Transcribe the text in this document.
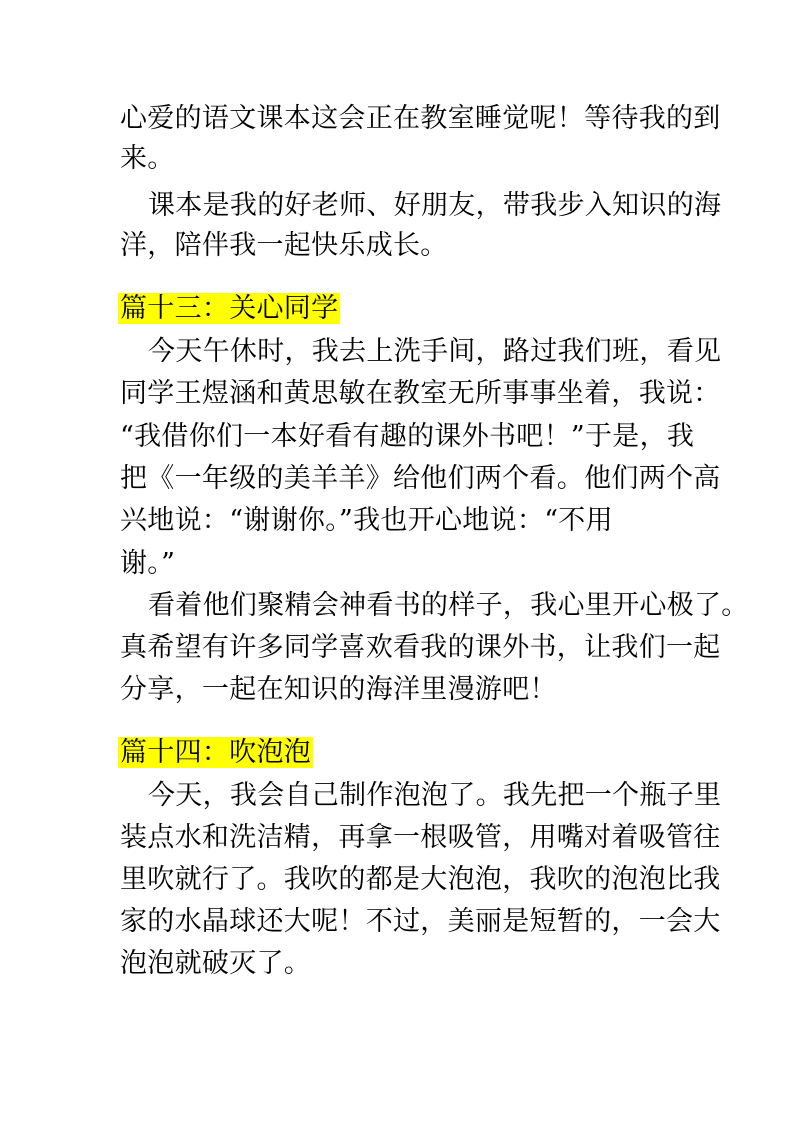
心爱的语文课本这会正在教室睡觉呢！等待我的到
来。
课本是我的好老师、好朋友，带我步入知识的海
洋，陪伴我一起快乐成长。
篇十三：关心同学
今天午休时，我去上洗手间，路过我们班，看见
同学王煜涵和黄思敏在教室无所事事坐着，我说：
“我借你们一本好看有趣的课外书吧！”于是，我
把《一年级的美羊羊》给他们两个看。他们两个高
兴地说：“谢谢你。”我也开心地说：“不用
谢。”
看着他们聚精会神看书的样子，我心里开心极了。
真希望有许多同学喜欢看我的课外书，让我们一起
分享，一起在知识的海洋里漫游吧！
篇十四：吹泡泡
今天，我会自己制作泡泡了。我先把一个瓶子里
装点水和洗洁精，再拿一根吸管，用嘴对着吸管往
里吹就行了。我吹的都是大泡泡，我吹的泡泡比我
家的水晶球还大呢！不过，美丽是短暂的，一会大
泡泡就破灭了。
